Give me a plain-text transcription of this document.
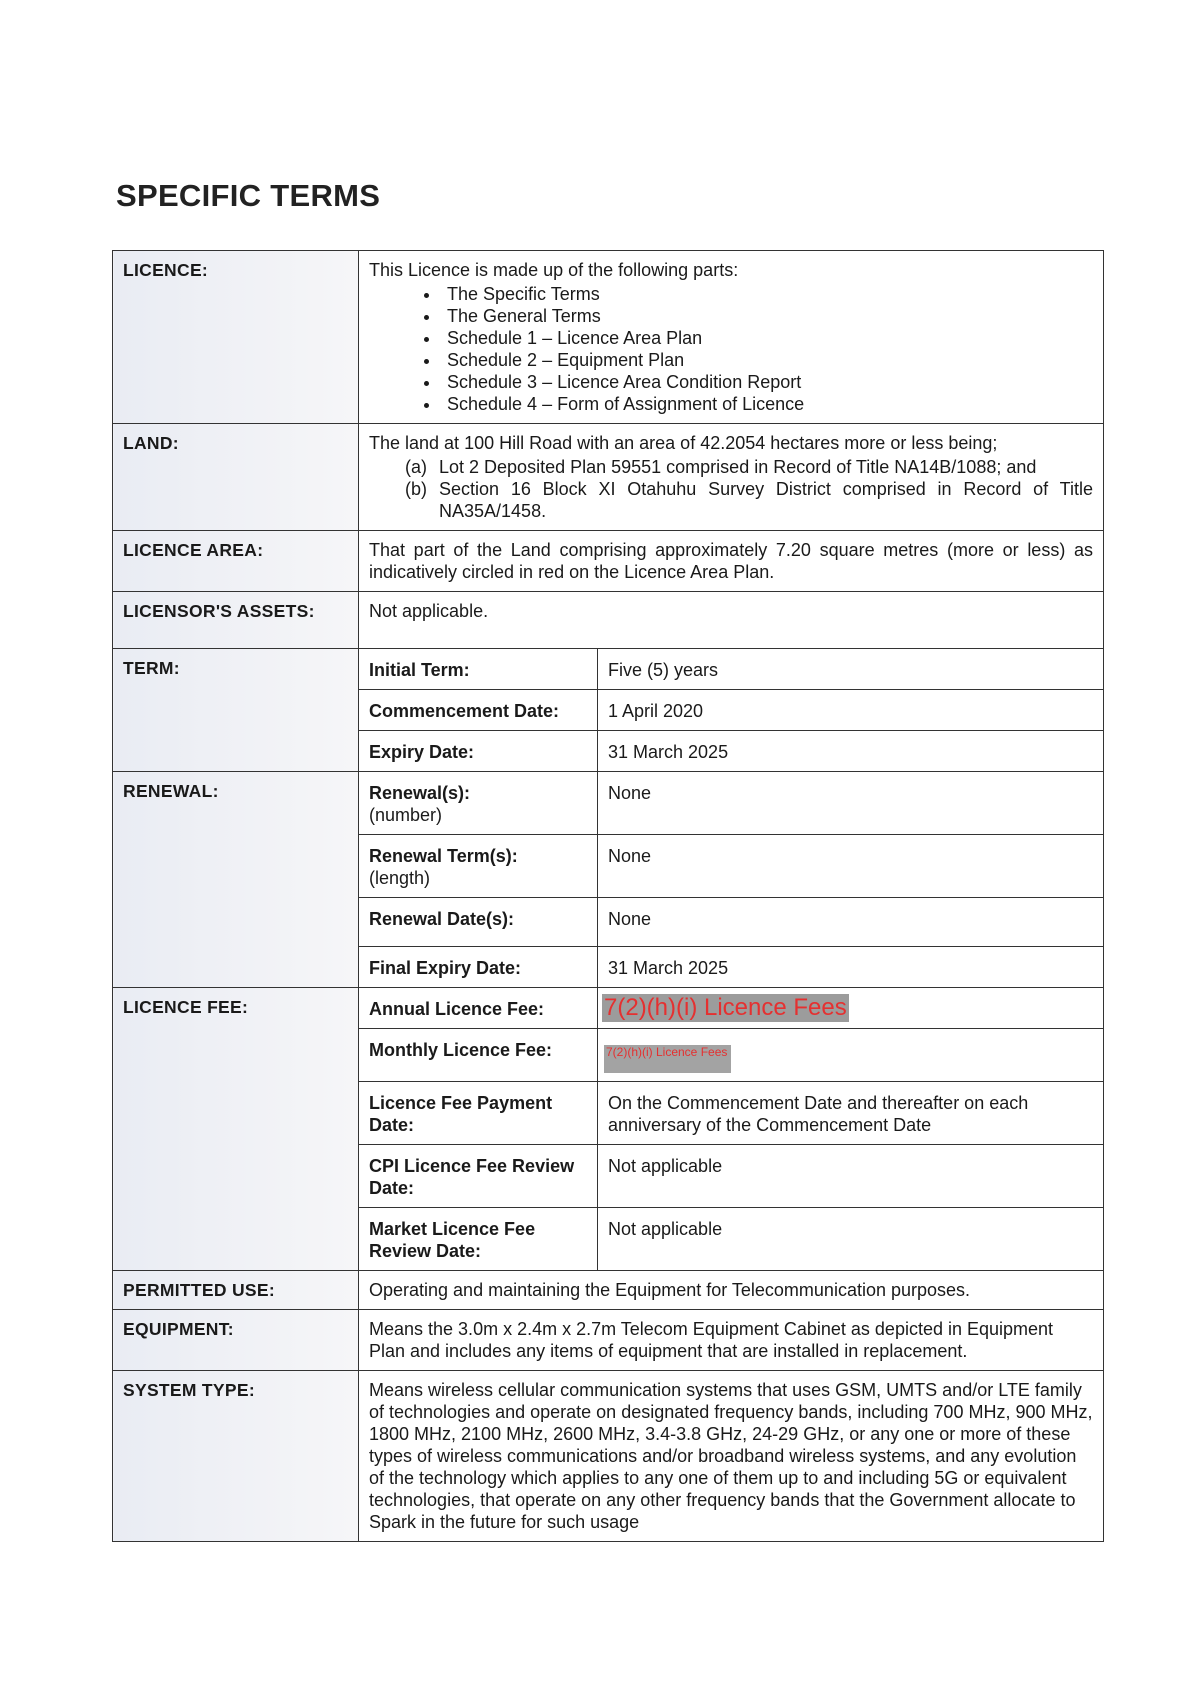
SPECIFIC TERMS
LICENCE:	This Licence is made up of the following parts:
• The Specific Terms
• The General Terms
• Schedule 1 – Licence Area Plan
• Schedule 2 – Equipment Plan
• Schedule 3 – Licence Area Condition Report
• Schedule 4 – Form of Assignment of Licence

LAND:	The land at 100 Hill Road with an area of 42.2054 hectares more or less being;
(a) Lot 2 Deposited Plan 59551 comprised in Record of Title NA14B/1088; and
(b) Section 16 Block XI Otahuhu Survey District comprised in Record of Title NA35A/1458.

LICENCE AREA:	That part of the Land comprising approximately 7.20 square metres (more or less) as indicatively circled in red on the Licence Area Plan.
LICENSOR'S ASSETS:	Not applicable.
TERM:		Initial Term:	Five (5) years
Commencement Date:	1 April 2020
Expiry Date:	31 March 2025

RENEWAL:		Renewal(s):
(number)
	None

Renewal Term(s):
(length)
	None
Renewal Date(s):	None
Final Expiry Date:	31 March 2025

LICENCE FEE:		Annual Licence Fee:	7(2)(h)(i) Licence Fees
Monthly Licence Fee:	7(2)(h)(i) Licence Fees
Licence Fee Payment Date:	On the Commencement Date and thereafter on each anniversary of the Commencement Date
CPI Licence Fee Review Date:	Not applicable
Market Licence Fee Review Date:	Not applicable

PERMITTED USE:	Operating and maintaining the Equipment for Telecommunication purposes.
EQUIPMENT:	Means the 3.0m x 2.4m x 2.7m Telecom Equipment Cabinet as depicted in Equipment Plan and includes any items of equipment that are installed in replacement.
SYSTEM TYPE:	Means wireless cellular communication systems that uses GSM, UMTS and/or LTE family of technologies and operate on designated frequency bands, including 700 MHz, 900 MHz, 1800 MHz, 2100 MHz, 2600 MHz, 3.4-3.8 GHz, 24-29 GHz, or any one or more of these types of wireless communications and/or broadband wireless systems, and any evolution of the technology which applies to any one of them up to and including 5G or equivalent technologies, that operate on any other frequency bands that the Government allocate to Spark in the future for such usage
